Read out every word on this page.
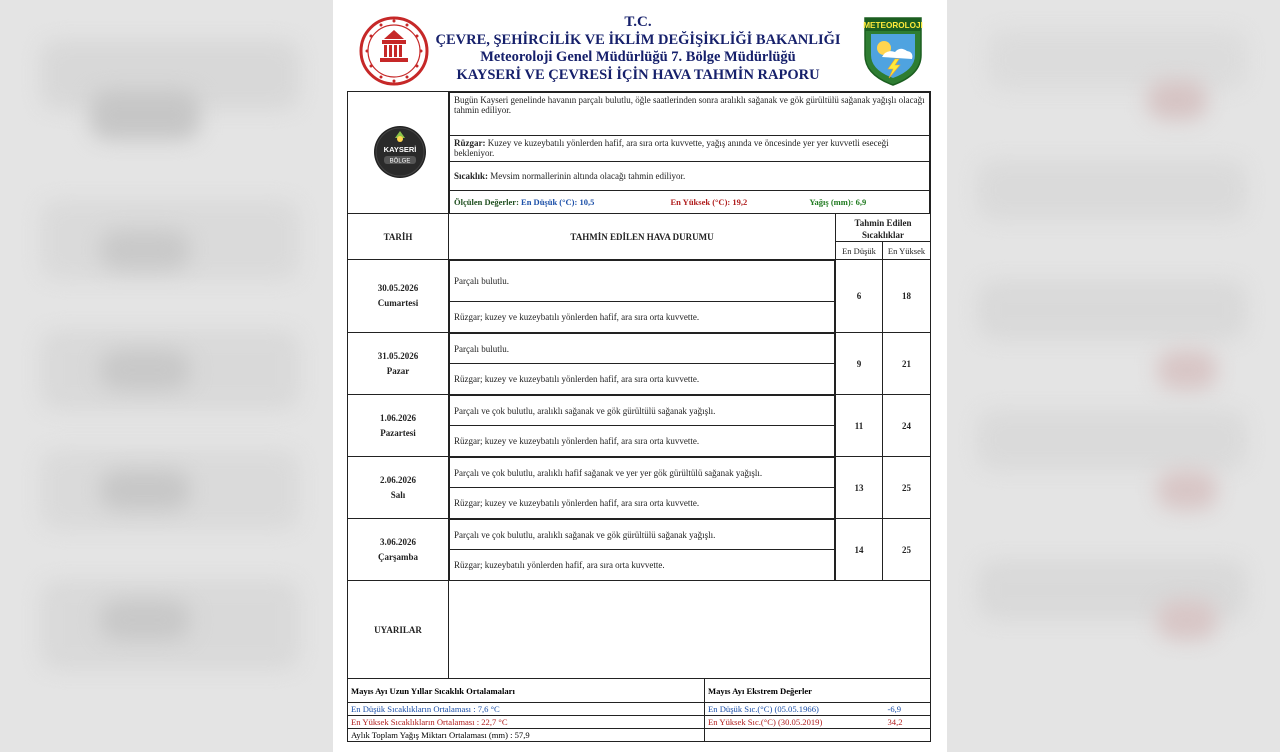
T.C.
ÇEVRE, ŞEHİRCİLİK VE İKLİM DEĞİŞİKLİĞİ BAKANLIĞI
Meteoroloji Genel Müdürlüğü 7. Bölge Müdürlüğü
KAYSERİ VE ÇEVRESİ İÇİN HAVA TAHMİN RAPORU
METEOROLOJI
KAYSERİ
BÖLGE

Bugün Kayseri genelinde havanın parçalı bulutlu, öğle saatlerinden sonra aralıklı sağanak ve gök gürültülü sağanak yağışlı olacağı tahmin ediliyor.
Rüzgar: Kuzey ve kuzeybatılı yönlerden hafif, ara sıra orta kuvvette, yağış anında ve öncesinde yer yer kuvvetli eseceği bekleniyor.
Sıcaklık: Mevsim normallerinin altında olacağı tahmin ediliyor.
Ölçülen Değerler: En Düşük (°C): 10,5	En Yüksek (°C): 19,2	Yağış (mm): 6,9

TARİH	TAHMİN EDİLEN HAVA DURUMU	Tahmin Edilen Sıcaklıklar
En Düşük	En Yüksek

30.05.2026
Cumartesi

Parçalı bulutlu.
Rüzgar; kuzey ve kuzeybatılı yönlerden hafif, ara sıra orta kuvvette.
	6	18

31.05.2026
Pazar

Parçalı bulutlu.
Rüzgar; kuzey ve kuzeybatılı yönlerden hafif, ara sıra orta kuvvette.
	9	21

1.06.2026
Pazartesi

Parçalı ve çok bulutlu, aralıklı sağanak ve gök gürültülü sağanak yağışlı.
Rüzgar; kuzey ve kuzeybatılı yönlerden hafif, ara sıra orta kuvvette.
	11	24

2.06.2026
Salı

Parçalı ve çok bulutlu, aralıklı hafif sağanak ve yer yer gök gürültülü sağanak yağışlı.
Rüzgar; kuzey ve kuzeybatılı yönlerden hafif, ara sıra orta kuvvette.
	13	25

3.06.2026
Çarşamba

Parçalı ve çok bulutlu, aralıklı sağanak ve gök gürültülü sağanak yağışlı.
Rüzgar; kuzeybatılı yönlerden hafif, ara sıra orta kuvvette.
	14	25
UYARILAR	
Mayıs Ayı Uzun Yıllar Sıcaklık Ortalamaları	Mayıs Ayı Ekstrem Değerler	
En Düşük Sıcaklıkların Ortalaması : 7,6 °C	En Düşük Sıc.(°C) (05.05.1966)	-6,9
En Yüksek Sıcaklıkların Ortalaması : 22,7 °C	En Yüksek Sıc.(°C) (30.05.2019)	34,2
Aylık Toplam Yağış Miktarı Ortalaması (mm) : 57,9		
